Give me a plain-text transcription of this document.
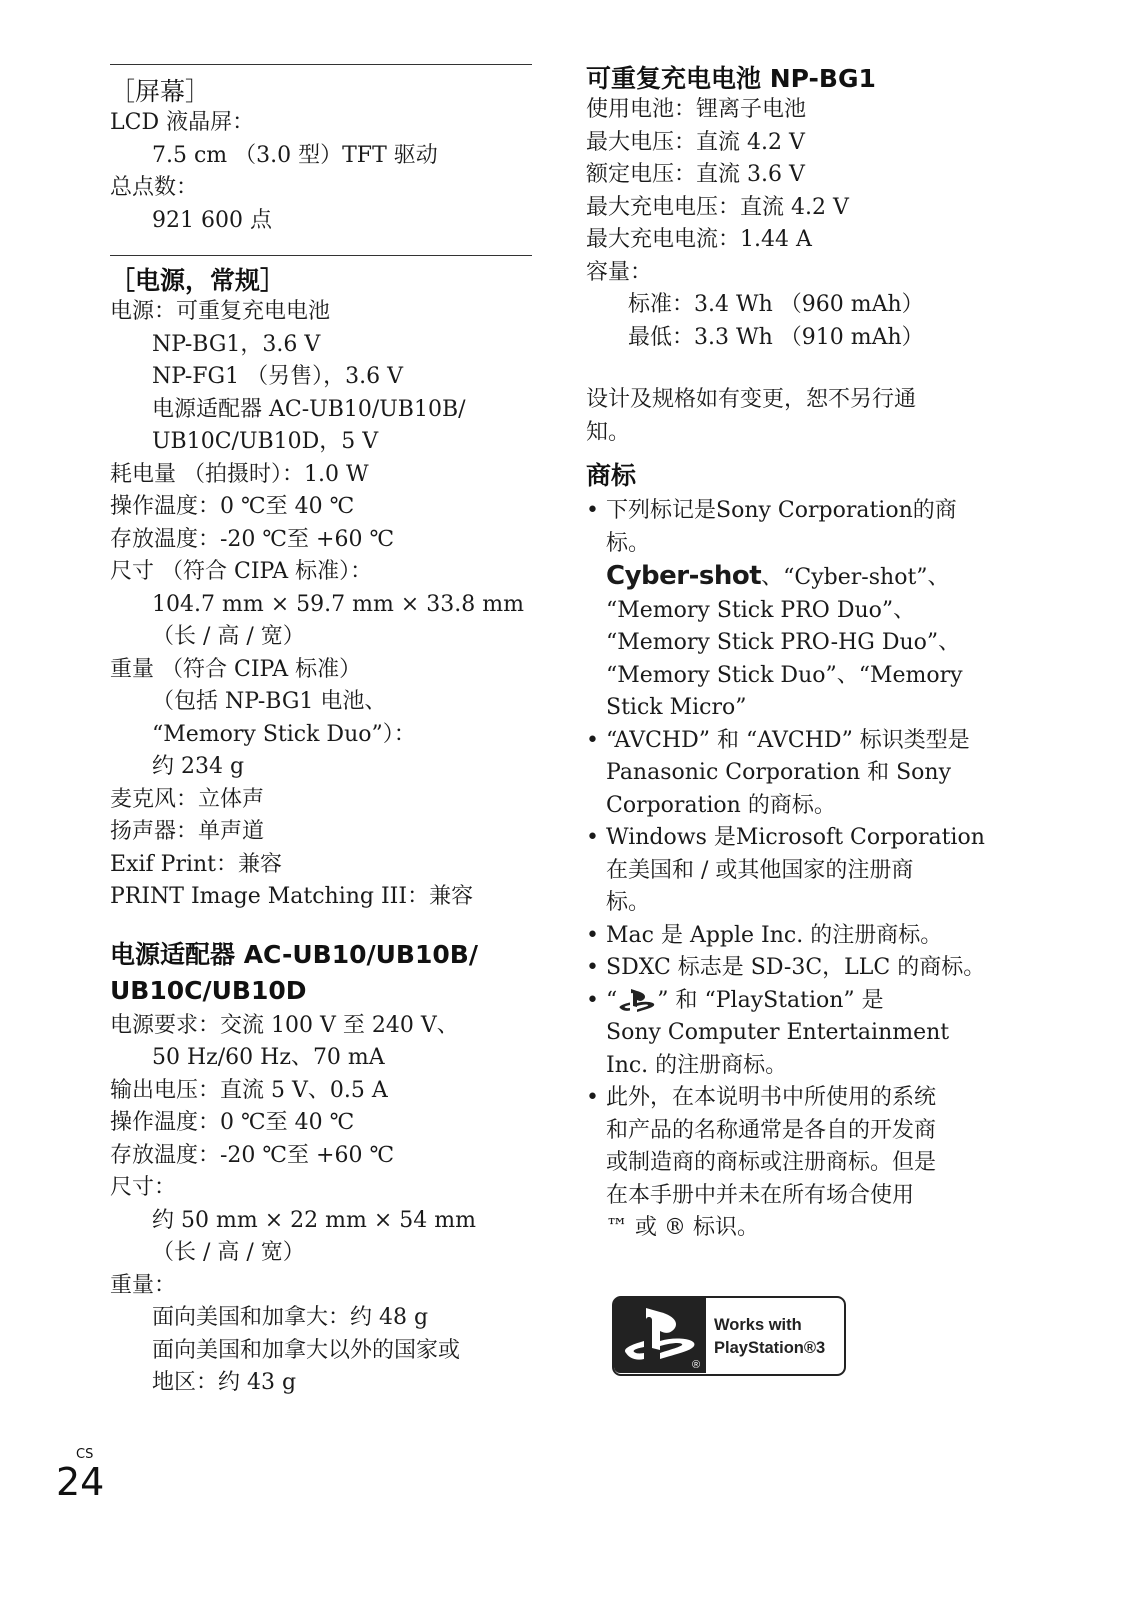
［屏幕］
LCD 液晶屏：
7.5 cm （3.0 型）TFT 驱动
总点数：
921 600 点
［电源，常规］
电源：可重复充电电池
NP-BG1，3.6 V
NP-FG1 （另售），3.6 V
电源适配器 AC-UB10/UB10B/
UB10C/UB10D，5 V
耗电量 （拍摄时）：1.0 W
操作温度：0 ℃至 40 ℃
存放温度：-20 ℃至 +60 ℃
尺寸 （符合 CIPA 标准）：
104.7 mm × 59.7 mm × 33.8 mm
（长 / 高 / 宽）
重量 （符合 CIPA 标准）
（包括 NP-BG1 电池、
“Memory Stick Duo”）：
约 234 g
麦克风：立体声
扬声器：单声道
Exif Print：兼容
PRINT Image Matching III：兼容
电源适配器 AC-UB10/UB10B/
UB10C/UB10D
电源要求：交流 100 V 至 240 V、
50 Hz/60 Hz、70 mA
输出电压：直流 5 V、0.5 A
操作温度：0 ℃至 40 ℃
存放温度：-20 ℃至 +60 ℃
尺寸：
约 50 mm × 22 mm × 54 mm
（长 / 高 / 宽）
重量：
面向美国和加拿大：约 48 g
面向美国和加拿大以外的国家或
地区：约 43 g
可重复充电电池 NP-BG1
使用电池：锂离子电池
最大电压：直流 4.2 V
额定电压：直流 3.6 V
最大充电电压：直流 4.2 V
最大充电电流：1.44 A
容量：
标准：3.4 Wh （960 mAh）
最低：3.3 Wh （910 mAh）
设计及规格如有变更，恕不另行通
知。
商标
• 下列标记是Sony Corporation的商
标。
Cyber-shot、“Cyber-shot”、
“Memory Stick PRO Duo”、
“Memory Stick PRO-HG Duo”、
“Memory Stick Duo”、“Memory
Stick Micro”
• “AVCHD” 和 “AVCHD” 标识类型是
Panasonic Corporation 和 Sony
Corporation 的商标。
• Windows 是Microsoft Corporation
在美国和 / 或其他国家的注册商
标。
• Mac 是 Apple Inc. 的注册商标。
• SDXC 标志是 SD-3C，LLC 的商标。
• “ ” 和 “PlayStation” 是
Sony Computer Entertainment
Inc. 的注册商标。
• 此外，在本说明书中所使用的系统
和产品的名称通常是各自的开发商
或制造商的商标或注册商标。但是
在本手册中并未在所有场合使用
™ 或 ® 标识。
®
Works with
PlayStation®3
CS
24
